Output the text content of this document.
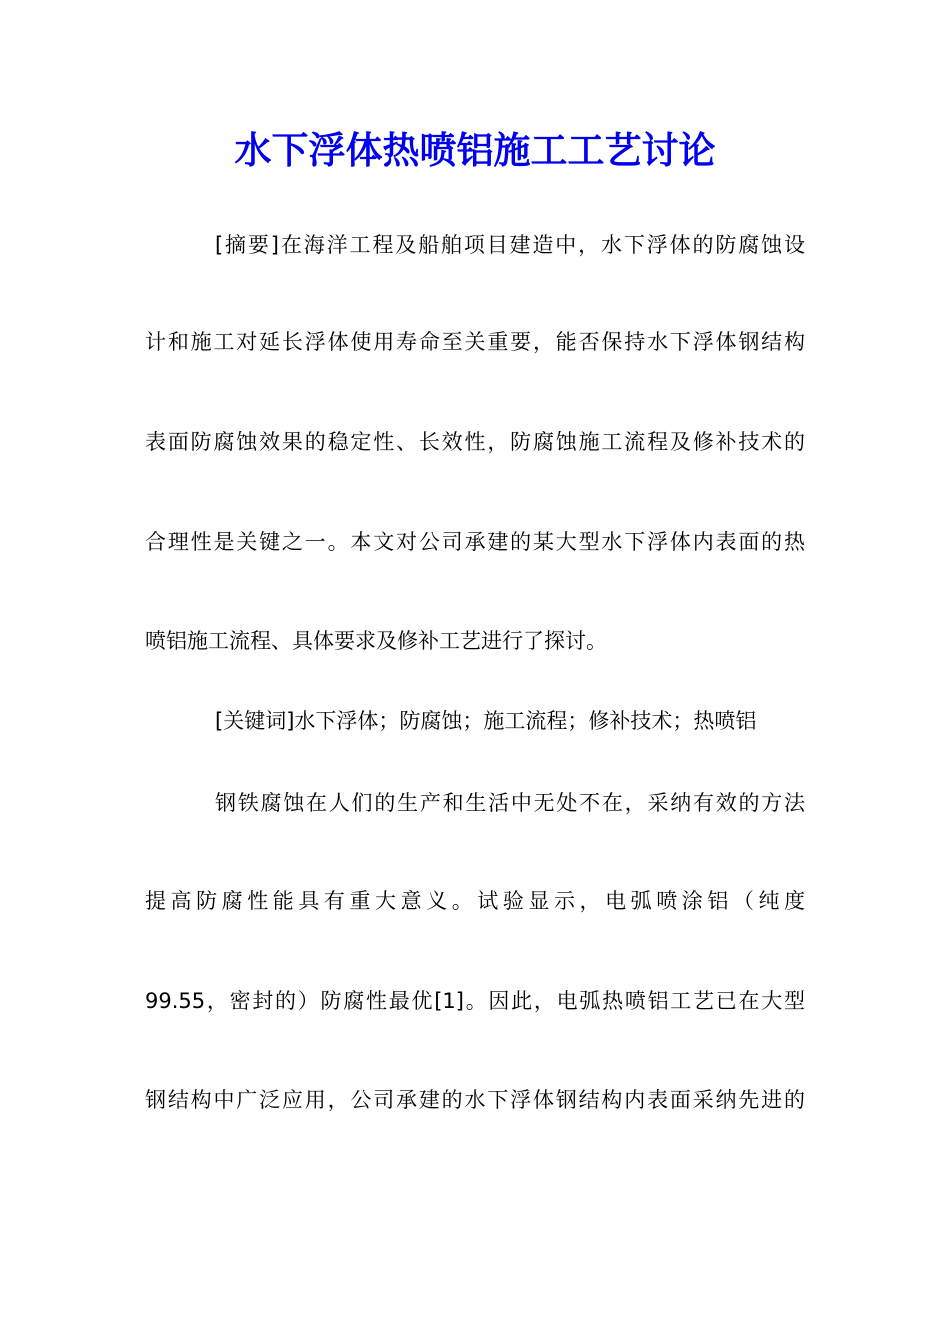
水下浮体热喷铝施工工艺讨论

[摘要]在海洋工程及船舶项目建造中，水下浮体的防腐蚀设

计和施工对延长浮体使用寿命至关重要，能否保持水下浮体钢结构

表面防腐蚀效果的稳定性、长效性，防腐蚀施工流程及修补技术的

合理性是关键之一。本文对公司承建的某大型水下浮体内表面的热

喷铝施工流程、具体要求及修补工艺进行了探讨。

[关键词]水下浮体；防腐蚀；施工流程；修补技术；热喷铝

钢铁腐蚀在人们的生产和生活中无处不在，采纳有效的方法

提高防腐性能具有重大意义。试验显示，电弧喷涂铝（纯度

99.55，密封的）防腐性最优[1]。因此，电弧热喷铝工艺已在大型

钢结构中广泛应用，公司承建的水下浮体钢结构内表面采纳先进的
